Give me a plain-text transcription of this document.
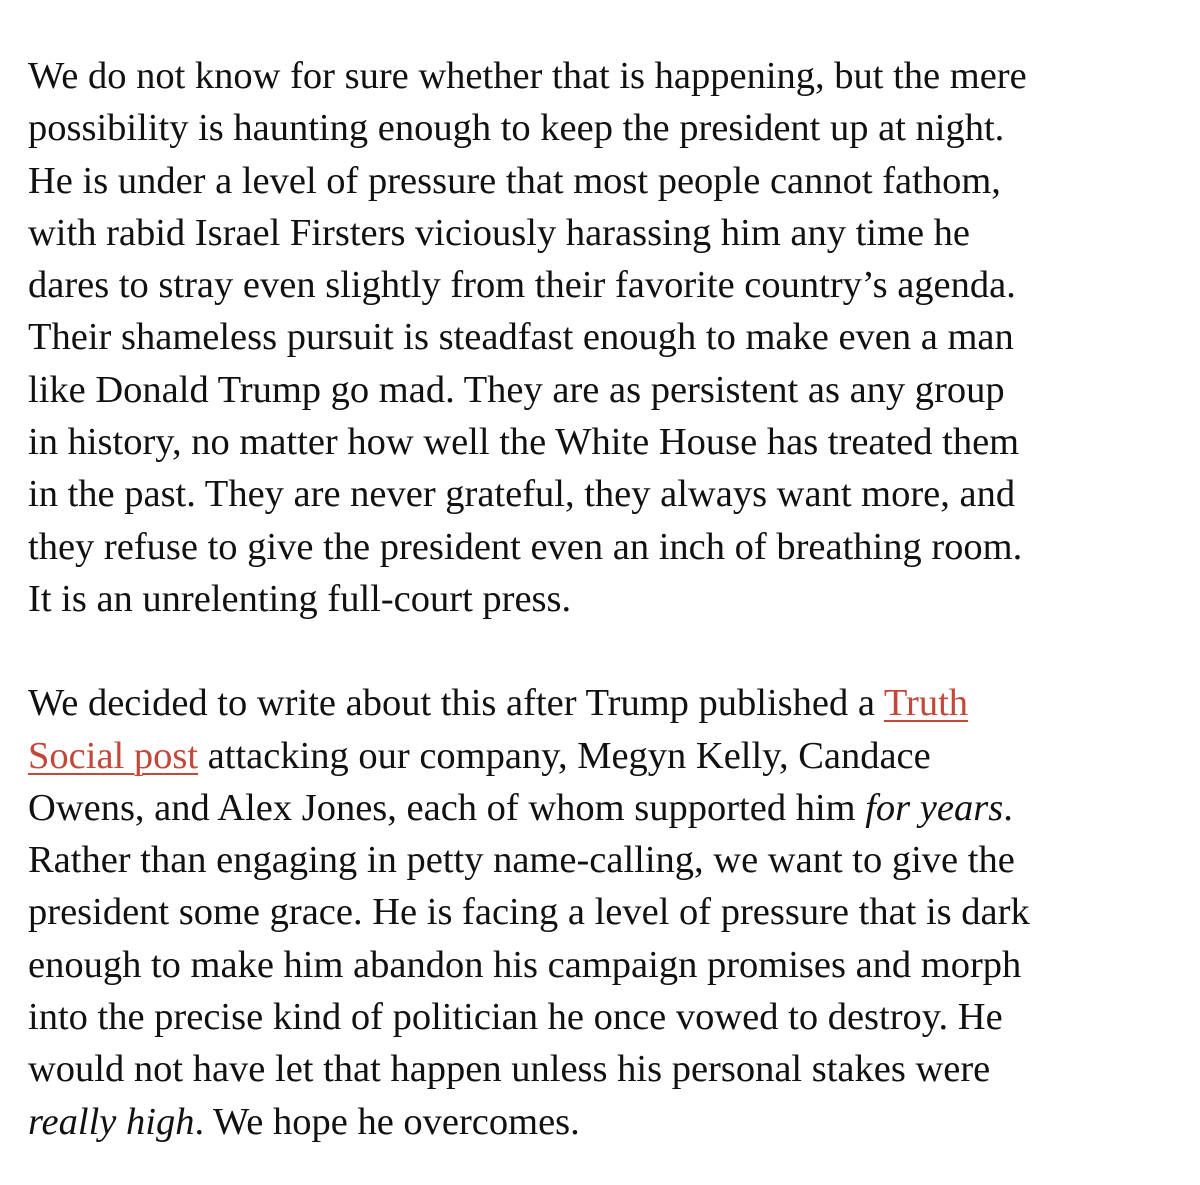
We do not know for sure whether that is happening, but the mere
possibility is haunting enough to keep the president up at night.
He is under a level of pressure that most people cannot fathom,
with rabid Israel Firsters viciously harassing him any time he
dares to stray even slightly from their favorite country’s agenda.
Their shameless pursuit is steadfast enough to make even a man
like Donald Trump go mad. They are as persistent as any group
in history, no matter how well the White House has treated them
in the past. They are never grateful, they always want more, and
they refuse to give the president even an inch of breathing room.
It is an unrelenting full-court press.

We decided to write about this after Trump published a Truth
Social post attacking our company, Megyn Kelly, Candace
Owens, and Alex Jones, each of whom supported him for years.
Rather than engaging in petty name-calling, we want to give the
president some grace. He is facing a level of pressure that is dark
enough to make him abandon his campaign promises and morph
into the precise kind of politician he once vowed to destroy. He
would not have let that happen unless his personal stakes were
really high. We hope he overcomes.
